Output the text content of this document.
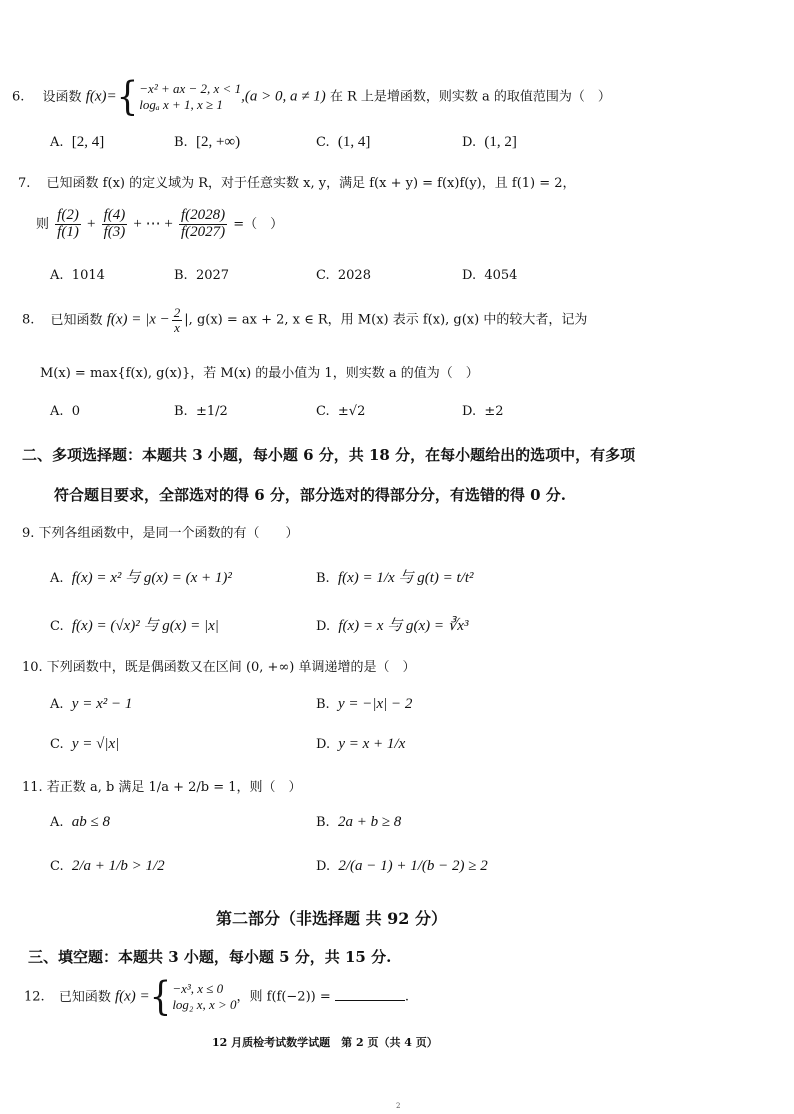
6. 设函数 f(x)={ −x² + ax − 2, x < 1
logₐ x + 1, x ≥ 1	,(a > 0, a ≠ 1) 在 R 上是增函数，则实数 a 的取值范围为（　）
A. [2, 4]	B. [2, +∞)	C. (1, 4]	D. (1, 2]
7. 已知函数 f(x) 的定义域为 R，对于任意实数 x, y，满足 f(x + y) = f(x)f(y)，且 f(1) = 2，
则 $\frac{f(2)}{f(1)} + \frac{f(4)}{f(3)}$ + ⋯ + $\frac{f(2028)}{f(2027)}$ =（　）
A. 1014	B. 2027	C. 2028	D. 4054
8. 已知函数 $f(x) = |x - \frac{2}{x}$ |, g(x) = ax + 2, x ∈ R，用 M(x) 表示 f(x), g(x) 中的较大者，记为
M(x) = max{f(x), g(x)}，若 M(x) 的最小值为 1，则实数 a 的值为（　）
A. 0	B. ±1/2	C. ±√2	D. ±2
二、多项选择题：本题共 3 小题，每小题 6 分，共 18 分，在每小题给出的选项中，有多项
符合题目要求，全部选对的得 6 分，部分选对的得部分分，有选错的得 0 分.
9. 下列各组函数中，是同一个函数的有（　　）
A. f(x) = x² 与 g(x) = (x + 1)²	B. f(x) = 1/x 与 g(t) = t/t²
C. f(x) = (√x)² 与 g(x) = |x|	D. f(x) = x 与 g(x) = ∛x³
10. 下列函数中，既是偶函数又在区间 (0, +∞) 单调递增的是（　）
A. y = x² − 1	B. y = −|x| − 2
C. y = √|x|	D. y = x + 1/x
11. 若正数 a, b 满足 1/a + 2/b = 1，则（　）
A. ab ≤ 8	B. 2a + b ≥ 8
C. 2/a + 1/b > 1/2	D. 2/(a − 1) + 1/(b − 2) ≥ 2
第二部分（非选择题 共 92 分）
三、填空题：本题共 3 小题，每小题 5 分，共 15 分.
12. 已知函数 f(x) ={ −x³, x ≤ 0
log₂ x, x > 0 ，则 f(f(−2)) =	.
12 月质检考试数学试题　第 2 页（共 4 页）
2
